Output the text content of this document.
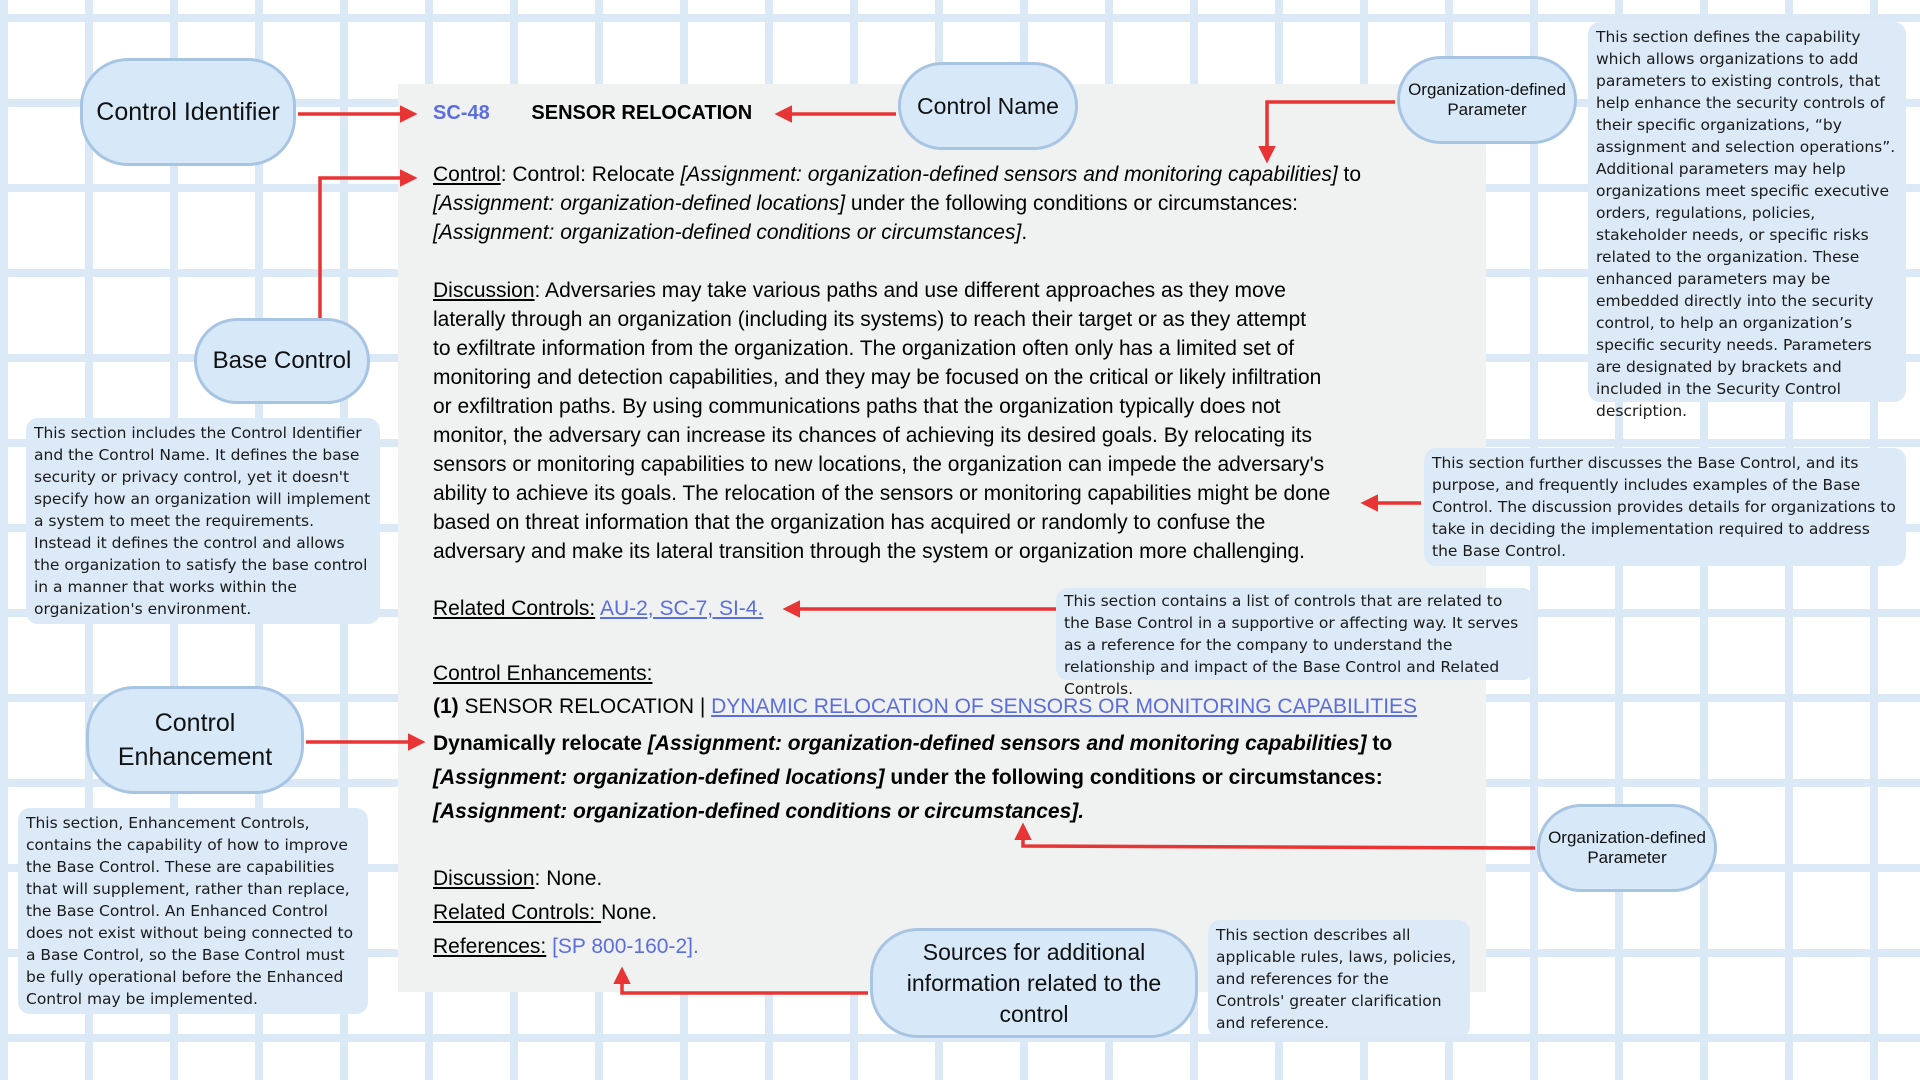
SC-48 SENSOR RELOCATION
Control: Control: Relocate [Assignment: organization-defined sensors and monitoring capabilities] to
[Assignment: organization-defined locations] under the following conditions or circumstances:
[Assignment: organization-defined conditions or circumstances].
Discussion: Adversaries may take various paths and use different approaches as they move
laterally through an organization (including its systems) to reach their target or as they attempt
to exfiltrate information from the organization. The organization often only has a limited set of
monitoring and detection capabilities, and they may be focused on the critical or likely infiltration
or exfiltration paths. By using communications paths that the organization typically does not
monitor, the adversary can increase its chances of achieving its desired goals. By relocating its
sensors or monitoring capabilities to new locations, the organization can impede the adversary's
ability to achieve its goals. The relocation of the sensors or monitoring capabilities might be done
based on threat information that the organization has acquired or randomly to confuse the
adversary and make its lateral transition through the system or organization more challenging.
Related Controls: AU-2, SC-7, SI-4.
Control Enhancements:
(1) SENSOR RELOCATION | DYNAMIC RELOCATION OF SENSORS OR MONITORING CAPABILITIES
Dynamically relocate [Assignment: organization-defined sensors and monitoring capabilities] to
[Assignment: organization-defined locations] under the following conditions or circumstances:
[Assignment: organization-defined conditions or circumstances].
Discussion: None.
Related Controls: None.
References: [SP 800-160-2].
Control Identifier	Control Name
Organization-defined Parameter
Base Control
Control Enhancement
Organization-defined Parameter
Sources for additional information related to the control
This section defines the capability which allows organizations to add parameters to existing controls, that help enhance the security controls of their specific organizations, “by assignment and selection operations”. Additional parameters may help organizations meet specific executive orders, regulations, policies, stakeholder needs, or specific risks related to the organization. These enhanced parameters may be embedded directly into the security control, to help an organization’s specific security needs. Parameters are designated by brackets and included in the Security Control description.
This section includes the Control Identifier and the Control Name. It defines the base security or privacy control, yet it doesn't specify how an organization will implement a system to meet the requirements. Instead it defines the control and allows the organization to satisfy the base control in a manner that works within the organization's environment.
This section further discusses the Base Control, and its purpose, and frequently includes examples of the Base Control. The discussion provides details for organizations to take in deciding the implementation required to address the Base Control.
This section contains a list of controls that are related to the Base Control in a supportive or affecting way. It serves as a reference for the company to understand the relationship and impact of the Base Control and Related Controls.
This section, Enhancement Controls, contains the capability of how to improve the Base Control. These are capabilities that will supplement, rather than replace, the Base Control. An Enhanced Control does not exist without being connected to a Base Control, so the Base Control must be fully operational before the Enhanced Control may be implemented.
This section describes all applicable rules, laws, policies, and references for the Controls' greater clarification and reference.
